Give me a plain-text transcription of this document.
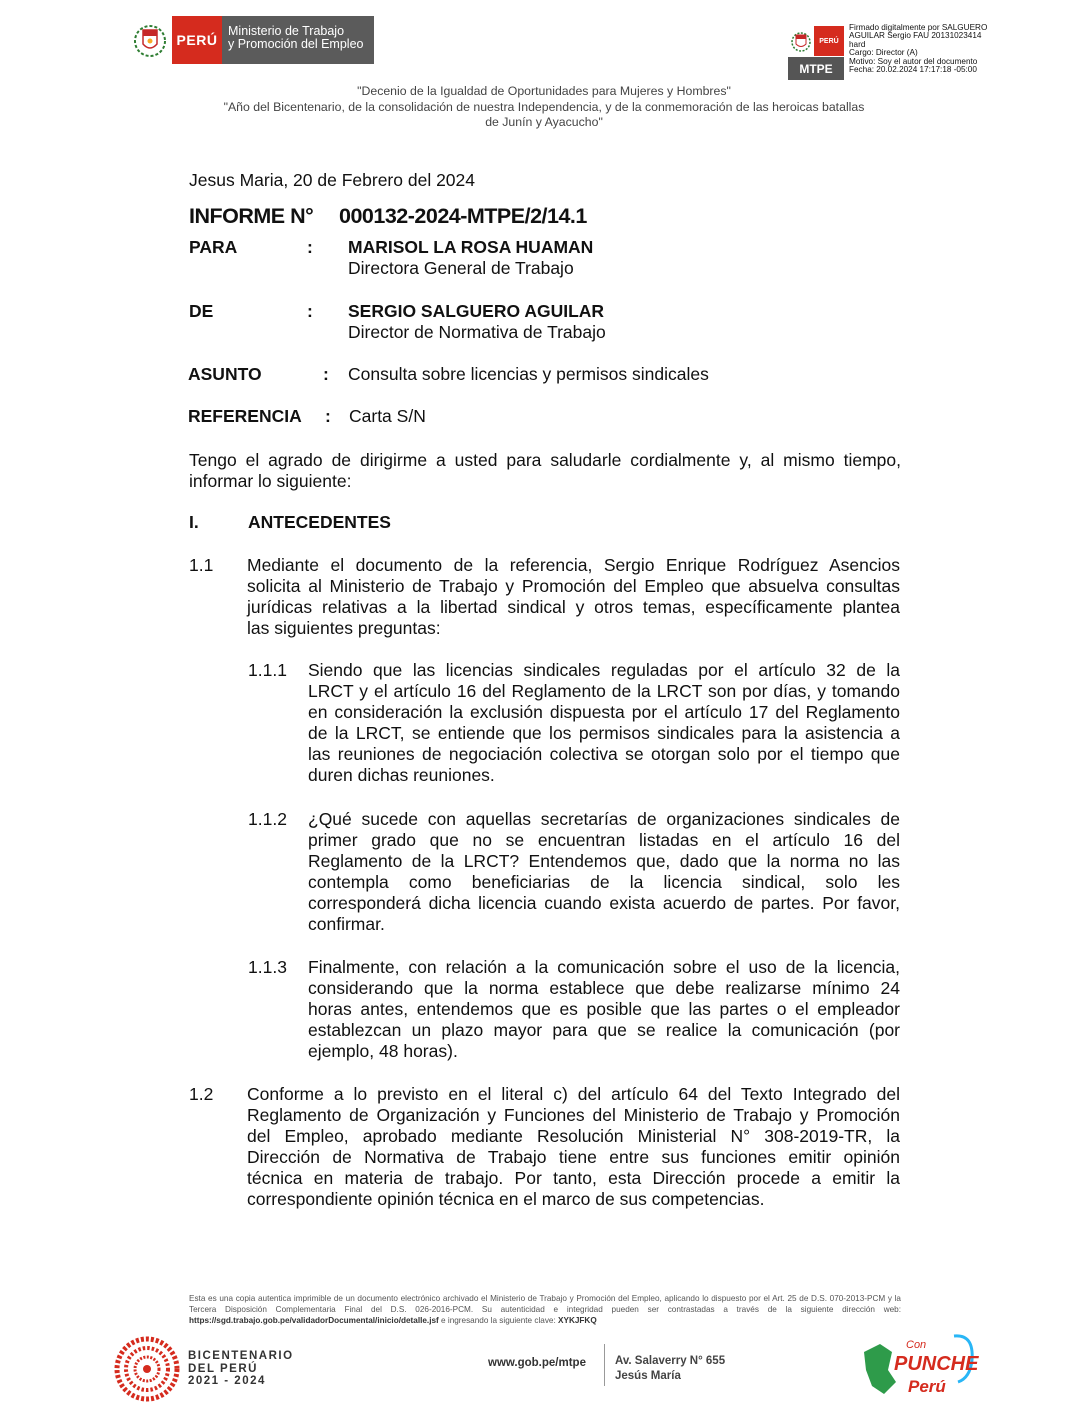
PERÚ
Ministerio de Trabajo
y Promoción del Empleo	PERÚ
MTPE
Firmado digitalmente por SALGUERO
AGUILAR Sergio FAU 20131023414
hard
Cargo: Director (A)
Motivo: Soy el autor del documento
Fecha: 20.02.2024 17:17:18 -05:00
"Decenio de la Igualdad de Oportunidades para Mujeres y Hombres"
"Año del Bicentenario, de la consolidación de nuestra Independencia, y de la conmemoración de las heroicas batallas
de Junín y Ayacucho"
Jesus Maria, 20 de Febrero del 2024
INFORME N° 000132-2024-MTPE/2/14.1
PARA	: MARISOL LA ROSA HUAMAN
Directora General de Trabajo
DE	: SERGIO SALGUERO AGUILAR
Director de Normativa de Trabajo
ASUNTO	: Consulta sobre licencias y permisos sindicales
REFERENCIA : Carta S/N
Tengo el agrado de dirigirme a usted para saludarle cordialmente y, al mismo tiempo,
informar lo siguiente:
I.	ANTECEDENTES
1.1 Mediante el documento de la referencia, Sergio Enrique Rodríguez Asencios
solicita al Ministerio de Trabajo y Promoción del Empleo que absuelva consultas
jurídicas relativas a la libertad sindical y otros temas, específicamente plantea
las siguientes preguntas:
1.1.1 Siendo que las licencias sindicales reguladas por el artículo 32 de la
LRCT y el artículo 16 del Reglamento de la LRCT son por días, y tomando
en consideración la exclusión dispuesta por el artículo 17 del Reglamento
de la LRCT, se entiende que los permisos sindicales para la asistencia a
las reuniones de negociación colectiva se otorgan solo por el tiempo que
duren dichas reuniones.
1.1.2 ¿Qué sucede con aquellas secretarías de organizaciones sindicales de
primer grado que no se encuentran listadas en el artículo 16 del
Reglamento de la LRCT? Entendemos que, dado que la norma no las
contempla como beneficiarias de la licencia sindical, solo les
corresponderá dicha licencia cuando exista acuerdo de partes. Por favor,
confirmar.
1.1.3 Finalmente, con relación a la comunicación sobre el uso de la licencia,
considerando que la norma establece que debe realizarse mínimo 24
horas antes, entendemos que es posible que las partes o el empleador
establezcan un plazo mayor para que se realice la comunicación (por
ejemplo, 48 horas).
1.2 Conforme a lo previsto en el literal c) del artículo 64 del Texto Integrado del
Reglamento de Organización y Funciones del Ministerio de Trabajo y Promoción
del Empleo, aprobado mediante Resolución Ministerial N° 308-2019-TR, la
Dirección de Normativa de Trabajo tiene entre sus funciones emitir opinión
técnica en materia de trabajo. Por tanto, esta Dirección procede a emitir la
correspondiente opinión técnica en el marco de sus competencias.
Esta es una copia autentica imprimible de un documento electrónico archivado el Ministerio de Trabajo y Promoción del Empleo, aplicando lo dispuesto por el Art. 25 de D.S. 070-2013-PCM y la
Tercera Disposición Complementaria Final del D.S. 026-2016-PCM. Su autenticidad e integridad pueden ser contrastadas a través de la siguiente dirección web:
https://sgd.trabajo.gob.pe/validadorDocumental/inicio/detalle.jsf e ingresando la siguiente clave: XYKJFKQ
BICENTENARIO
DEL PERÚ
2021 - 2024
www.gob.pe/mtpe	Av. Salaverry N° 655
Jesús María
Con
PUNCHE
Perú
